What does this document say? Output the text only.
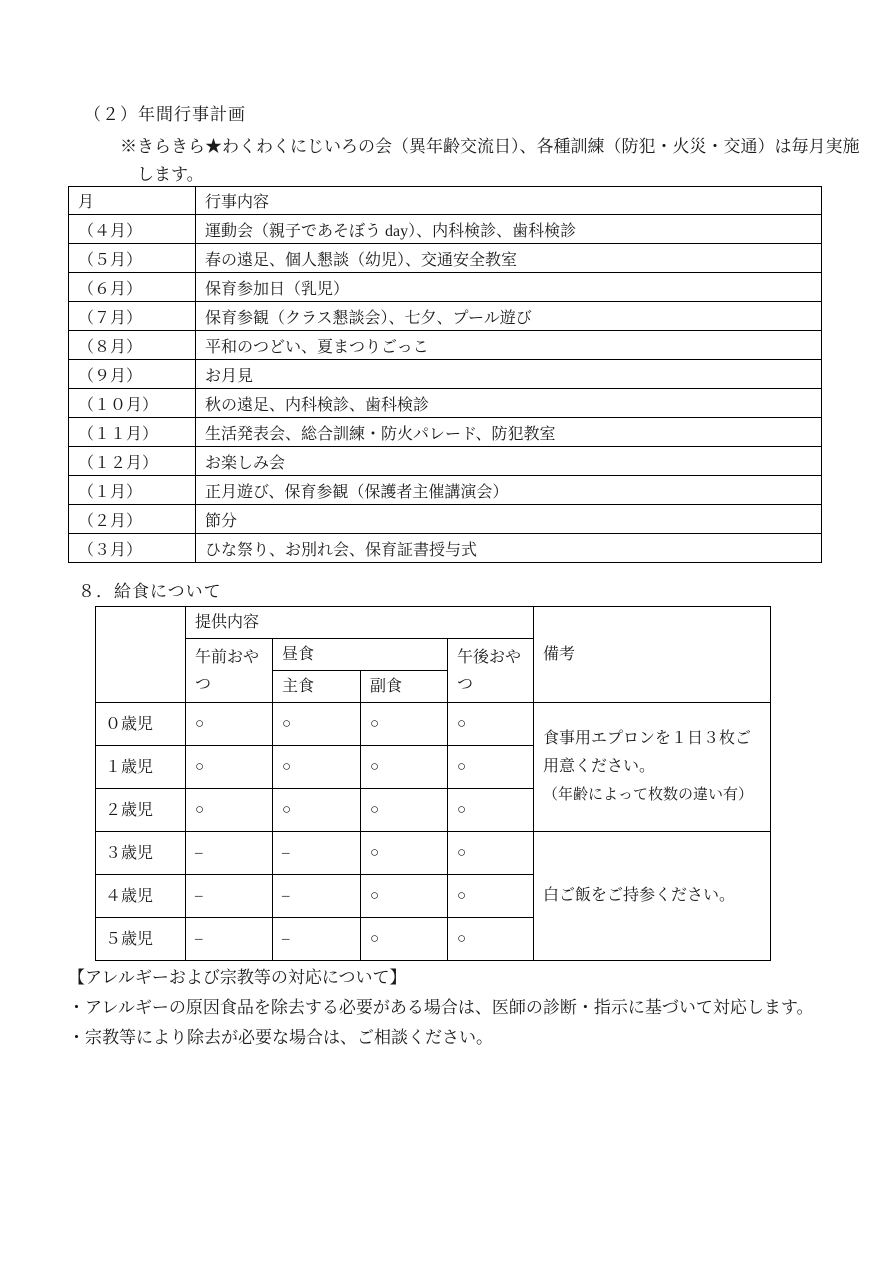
（２）年間行事計画
※きらきら★わくわくにじいろの会（異年齢交流日）、各種訓練（防犯・火災・交通）は毎月実施
します。
月	行事内容
（４月）	運動会（親子であそぼう day）、内科検診、歯科検診
（５月）	春の遠足、個人懇談（幼児）、交通安全教室
（６月）	保育参加日（乳児）
（７月）	保育参観（クラス懇談会）、七夕、プール遊び
（８月）	平和のつどい、夏まつりごっこ
（９月）	お月見
（１０月）	秋の遠足、内科検診、歯科検診
（１１月）	生活発表会、総合訓練・防火パレード、防犯教室
（１２月）	お楽しみ会
（１月）	正月遊び、保育参観（保護者主催講演会）
（２月）	節分
（３月）	ひな祭り、お別れ会、保育証書授与式
８．給食について
	提供内容				備考
	午前おやつ	昼食		午後おやつ	
		主食	副食		
０歳児	○	○	○	○	食事用エプロンを１日３枚ご用意ください。
（年齢によって枚数の違い有）

１歳児	○	○	○	○	
２歳児	○	○	○	○	
３歳児	–	–	○	○	白ご飯をご持参ください。

４歳児	–	–	○	○	
５歳児	–	–	○	○	
【アレルギーおよび宗教等の対応について】
・アレルギーの原因食品を除去する必要がある場合は、医師の診断・指示に基づいて対応します。
・宗教等により除去が必要な場合は、ご相談ください。
